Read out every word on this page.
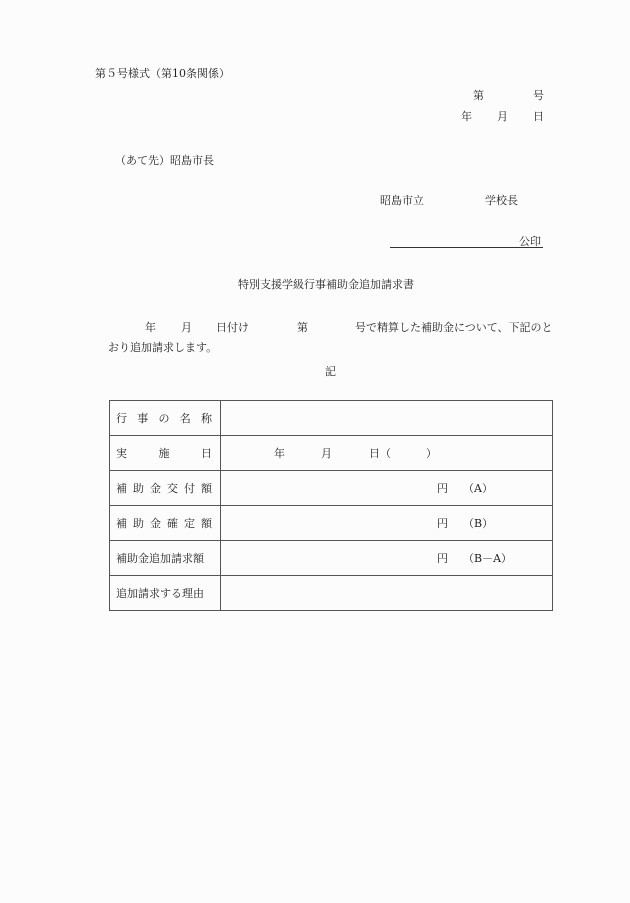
第５号様式（第10条関係）
第	号
年 月 日
（あて先）昭島市長
昭島市立	学校長
公印
特別支援学級行事補助金追加請求書
年 月 日付け	第	号で精算した補助金について、下記のと
おり追加請求します。
記
行 事 の 名 称	

実 施 日	年 月 日（ ）

補 助 金 交 付 額	円 （A）

補 助 金 確 定 額	円 （B）

補助金追加請求額	円 （B－A）

追加請求する理由	
